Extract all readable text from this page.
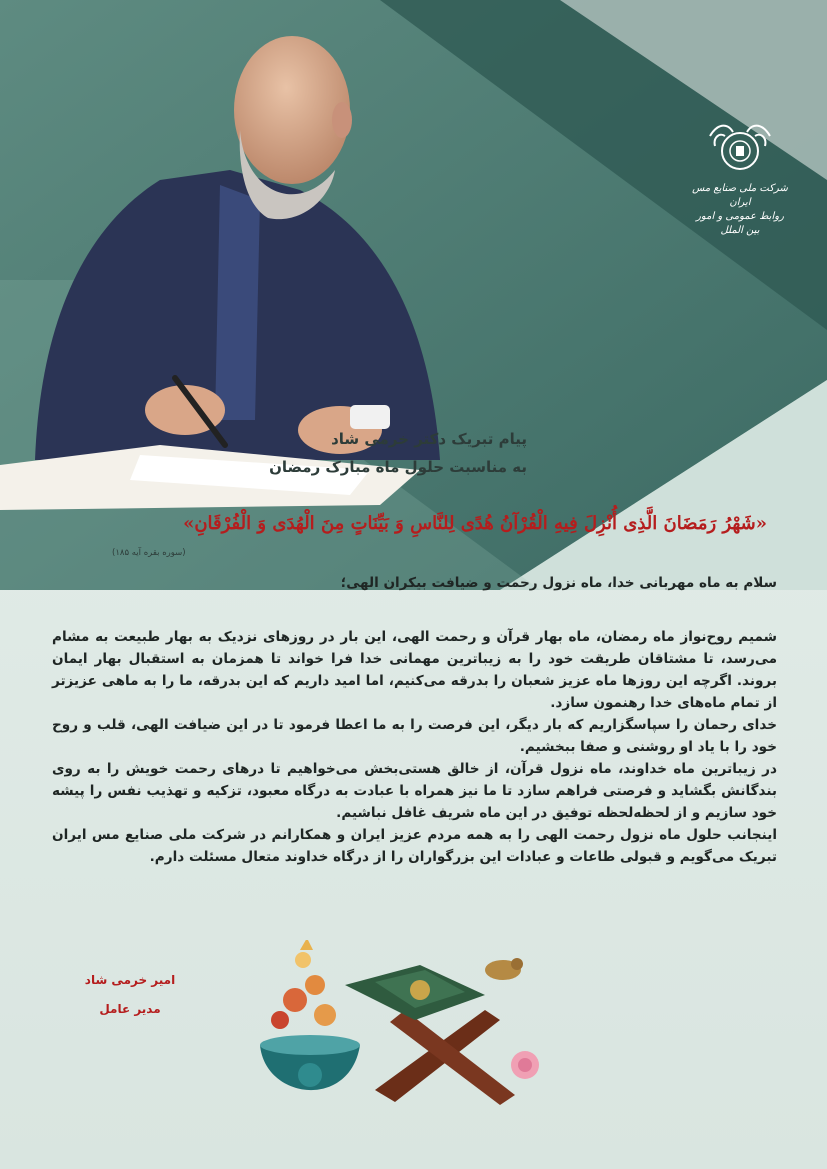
شرکت ملی صنایع مس ایران
روابط عمومی و امور بین الملل
پیام تبریک دکتر خرمی شاد
به مناسبت حلول ماه مبارک رمضان
«شَهْرُ رَمَضَانَ الَّذِی أُنْزِلَ فِیهِ الْقُرْآنُ هُدًی لِلنَّاسِ وَ بَیِّنَاتٍ مِنَ الْهُدَی وَ الْفُرْقَانِ»
(سوره بقره آیه ۱۸۵)
سلام به ماه مهربانی خدا، ماه نزول رحمت و ضیافت بیکران الهی؛

شمیم روح‌نواز ماه رمضان، ماه بهار قرآن و رحمت الهی، این بار در روزهای نزدیک به بهار طبیعت به مشام می‌رسد، تا مشتاقان طریقت خود را به زیباترین مهمانی خدا فرا خواند تا همزمان به استقبال بهار ایمان بروند. اگرچه این روزها ماه عزیز شعبان را بدرقه می‌کنیم، اما امید داریم که این بدرقه، ما را به ماهی عزیزتر از تمام ماه‌های خدا رهنمون سازد.

خدای رحمان را سپاسگزاریم که بار دیگر، این فرصت را به ما اعطا فرمود تا در این ضیافت الهی، قلب و روح خود را با یاد او روشنی و صفا ببخشیم.

در زیباترین ماه خداوند، ماه نزول قرآن، از خالق هستی‌بخش می‌خواهیم تا درهای رحمت خویش را به روی بندگانش بگشاید و فرصتی فراهم سازد تا ما نیز همراه با عبادت به درگاه معبود، تزکیه و تهذیب نفس را پیشه خود سازیم و از لحظه‌لحظه توفیق در این ماه شریف غافل نباشیم.

اینجانب حلول ماه نزول رحمت الهی را به همه مردم عزیز ایران و همکارانم در شرکت ملی صنایع مس ایران تبریک می‌گویم و قبولی طاعات و عبادات این بزرگواران را از درگاه خداوند متعال مسئلت دارم.

امیر خرمی شاد
مدیر عامل
